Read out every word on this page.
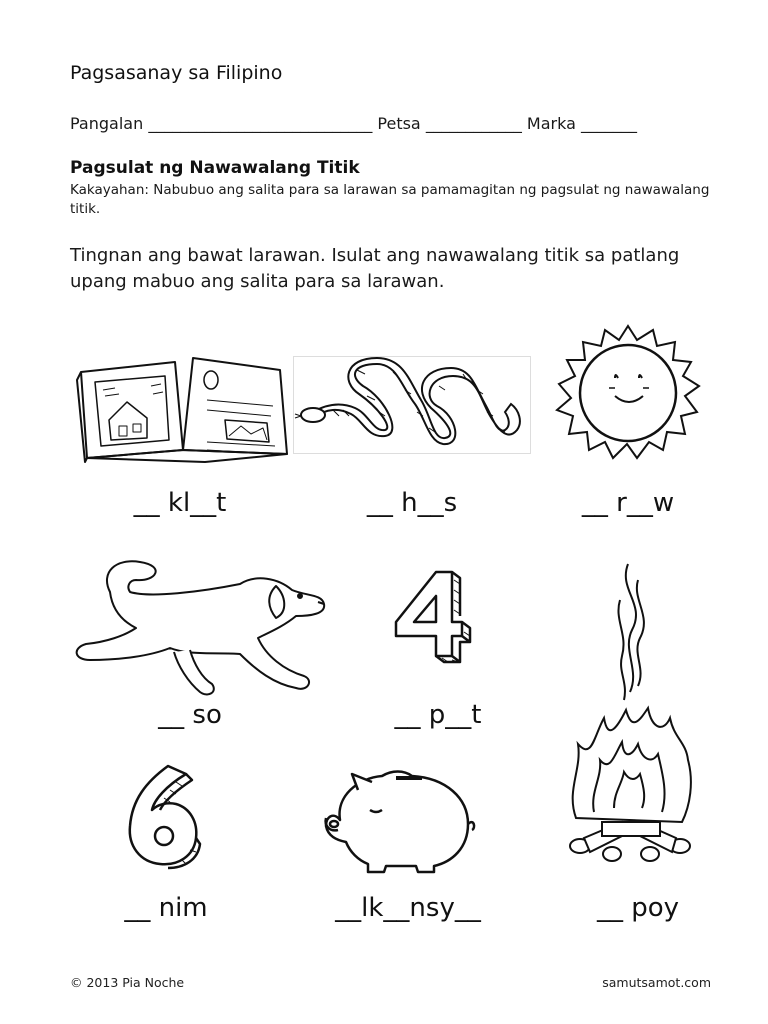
Pagsasanay sa Filipino
Pangalan ____________________________ Petsa ____________ Marka _______
Pagsulat ng Nawawalang Titik
Kakayahan: Nabubuo ang salita para sa larawan sa pamamagitan ng pagsulat ng nawawalang titik.
Tingnan ang bawat larawan. Isulat ang nawawalang titik sa patlang upang mabuo ang salita para sa larawan.
__ kl__t	__ h__s	__ r__w
__ so	__ p__t
__ nim	__lk__nsy__	__ poy
© 2013 Pia Noche	samutsamot.com
